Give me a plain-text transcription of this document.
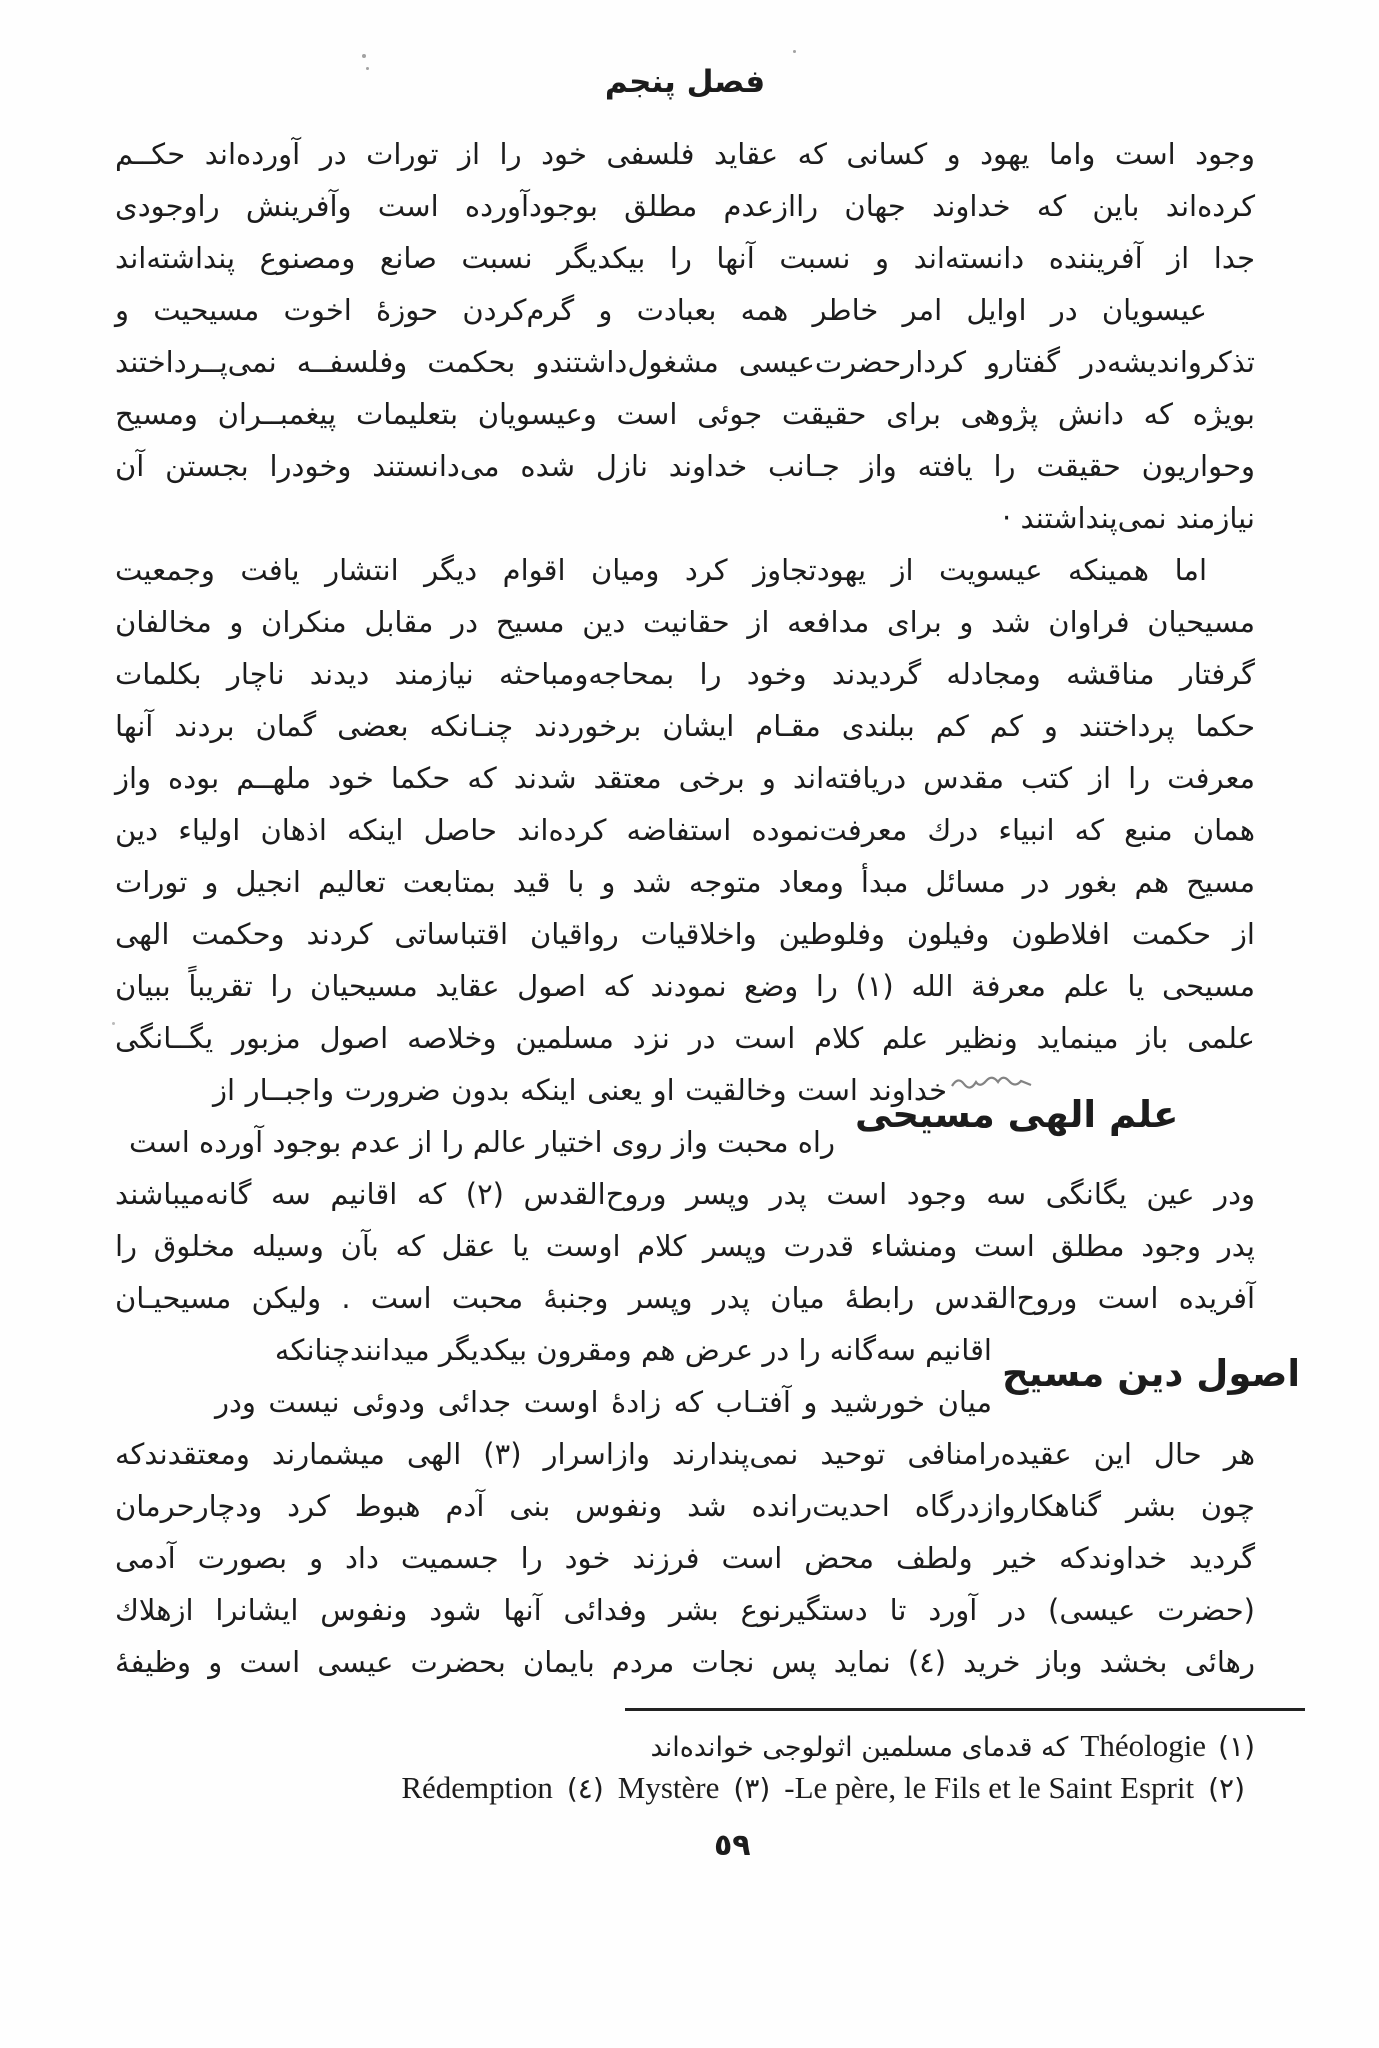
فصل پنجم
وجود است واما يهود و كسانى كه عقايد فلسفى خود را از تورات در آورده‌اند حكــم
كرده‌اند باين كه خداوند جهان راازعدم مطلق بوجودآورده است وآفرينش راوجودى
جدا از آفريننده دانسته‌اند و نسبت آنها را بيكديگر نسبت صانع ومصنوع پنداشته‌اند
عيسويان در اوايل امر خاطر همه بعبادت و گرم‌كردن حوزهٔ اخوت مسيحيت و
تذكروانديشه‌در گفتارو كردارحضرت‌عيسى مشغول‌داشتندو بحكمت وفلسفــه نمى‌پــرداختند
بويژه كه دانش پژوهى براى حقيقت جوئى است وعيسويان بتعليمات پيغمبــران ومسيح
وحواريون حقيقت را يافته واز جـانب خداوند نازل شده مى‌دانستند وخودرا بجستن آن
نيازمند نمى‌پنداشتند ·
اما همينكه عيسويت از يهودتجاوز كرد وميان اقوام ديگر انتشار يافت وجمعيت
مسيحيان فراوان شد و براى مدافعه از حقانيت دين مسيح در مقابل منكران و مخالفان
گرفتار مناقشه ومجادله گرديدند وخود را بمحاجه‌ومباحثه نيازمند ديدند ناچار بكلمات
حكما پرداختند و كم كم ببلندى مقـام ايشان برخوردند چنـانكه بعضى گمان بردند آنها
معرفت را از كتب مقدس دريافته‌اند و برخى معتقد شدند كه حكما خود ملهــم بوده واز
همان منبع كه انبياء درك معرفت‌نموده استفاضه كرده‌اند حاصل اينكه اذهان اولياء دين
مسيح هم بغور در مسائل مبدأ ومعاد متوجه شد و با قيد بمتابعت تعاليم انجيل و تورات
از حكمت افلاطون وفيلون وفلوطين واخلاقيات رواقيان اقتباساتى كردند وحكمت الهى
مسيحى يا علم معرفة الله (۱) را وضع نمودند كه اصول عقايد مسيحيان را تقريباً ببيان
علمى باز مينمايد ونظير علم كلام است در نزد مسلمين وخلاصه اصول مزبور يگــانگى
خداوند است وخالقيت او يعنى اينكه بدون ضرورت واجبــار از
راه محبت واز روى اختيار عالم را از عدم بوجود آورده است
ودر عين يگانگى سه وجود است پدر وپسر وروح‌القدس (۲) كه اقانيم سه گانه‌ميباشند
پدر وجود مطلق است ومنشاء قدرت وپسر كلام اوست يا عقل كه بآن وسيله مخلوق را
آفريده است وروح‌القدس رابطهٔ ميان پدر وپسر وجنبهٔ محبت است . وليكن مسيحيـان
اقانيم سه‌گانه را در عرض هم ومقرون بيكديگر ميدانندچنانكه
ميان خورشيد و آفتـاب كه زادهٔ اوست جدائى ودوئى نيست ودر
هر حال اين عقيده‌رامنافى توحيد نمى‌پندارند وازاسرار (۳) الهى ميشمارند ومعتقدندكه
چون بشر گناهكاروازدرگاه احديت‌رانده شد ونفوس بنى آدم هبوط كرد ودچارحرمان
گرديد خداوندكه خير ولطف محض است فرزند خود را جسميت داد و بصورت آدمى
(حضرت عيسى) در آورد تا دستگيرنوع بشر وفدائى آنها شود ونفوس ايشانرا ازهلاك
رهائى بخشد وباز خريد (٤) نمايد پس نجات مردم بايمان بحضرت عيسى است و وظيفهٔ
علم الهى مسيحى
اصول دين مسيح
(۱)
Théologie
كه قدماى مسلمين اثولوجى خوانده‌اند
(۲)
-Le père, le Fils et le Saint Esprit
(۳)
Mystère
(٤)
Rédemption
٥٩
